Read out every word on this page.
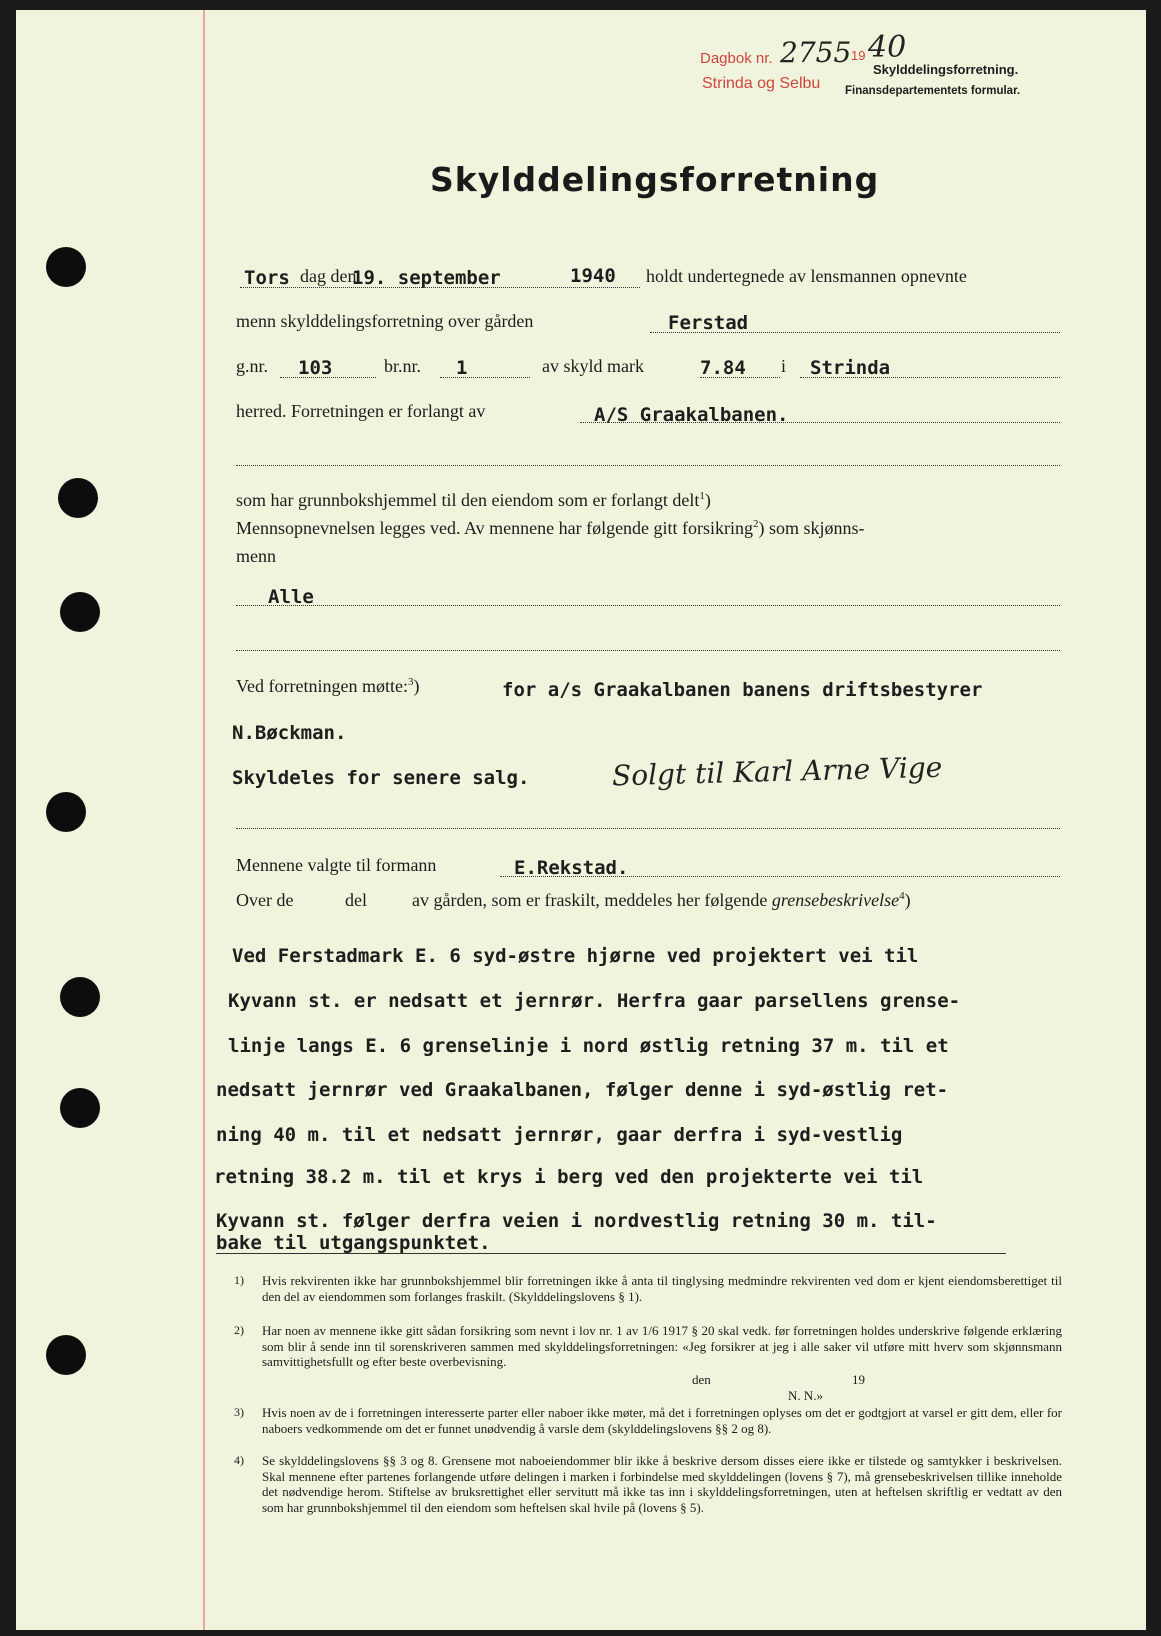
Dagbok nr. 2755 19 40
Strinda og Selbu
Skylddelingsforretning.
Finansdepartementets formular.
Skylddelingsforretning
Tors dag den
19. september	1940 holdt undertegnede av lensmannen opnevnte
menn skylddelingsforretning over gården	Ferstad
g.nr. 103	br.nr. 1	av skyld mark	7.84 i Strinda
herred. Forretningen er forlangt av	A/S Graakalbanen.
som har grunnbokshjemmel til den eiendom som er forlangt delt$^1$)
Mennsopnevnelsen legges ved. Av mennene har følgende gitt forsikring$^2$) som skjønns-
menn
Alle
Ved forretningen møtte:$^3$)	for a/s Graakalbanen banens driftsbestyrer
N.Bøckman.
Skyldeles for senere salg.	Solgt til Karl Arne Vige
Mennene valgte til formann	E.Rekstad.
Over de	del	av gården, som er fraskilt, meddeles her følgende grensebeskrivelse$^4$)
Ved Ferstadmark E. 6 syd-østre hjørne ved projektert vei til
Kyvann st. er nedsatt et jernrør. Herfra gaar parsellens grense-
linje langs E. 6 grenselinje i nord østlig retning 37 m. til et
nedsatt jernrør ved Graakalbanen, følger denne i syd-østlig ret-
ning 40 m. til et nedsatt jernrør, gaar derfra i syd-vestlig
retning 38.2 m. til et krys i berg ved den projekterte vei til
Kyvann st. følger derfra veien i nordvestlig retning 30 m. til-
bake til utgangspunktet.
1) Hvis rekvirenten ikke har grunnbokshjemmel blir forretningen ikke å anta til tinglysing medmindre rekvirenten ved dom er kjent eiendomsberettiget til den del av eiendommen som forlanges fraskilt. (Skylddelingslovens § 1).
2) Har noen av mennene ikke gitt sådan forsikring som nevnt i lov nr. 1 av 1/6 1917 § 20 skal vedk. før forretningen holdes underskrive følgende erklæring som blir å sende inn til sorenskriveren sammen med skylddelingsforretningen: «Jeg forsikrer at jeg i alle saker vil utføre mitt hverv som skjønnsmann samvittighetsfullt og efter beste overbevisning.
den	19
N. N.»
3) Hvis noen av de i forretningen interesserte parter eller naboer ikke møter, må det i forretningen oplyses om det er godtgjort at varsel er gitt dem, eller for naboers vedkommende om det er funnet unødvendig å varsle dem (skylddelingslovens §§ 2 og 8).
4) Se skylddelingslovens §§ 3 og 8. Grensene mot naboeiendommer blir ikke å beskrive dersom disses eiere ikke er tilstede og samtykker i beskrivelsen. Skal mennene efter partenes forlangende utføre delingen i marken i forbindelse med skylddelingen (lovens § 7), må grensebeskrivelsen tillike inneholde det nødvendige herom. Stiftelse av bruksrettighet eller servitutt må ikke tas inn i skylddelingsforretningen, uten at heftelsen skriftlig er vedtatt av den som har grunnbokshjemmel til den eiendom som heftelsen skal hvile på (lovens § 5).
